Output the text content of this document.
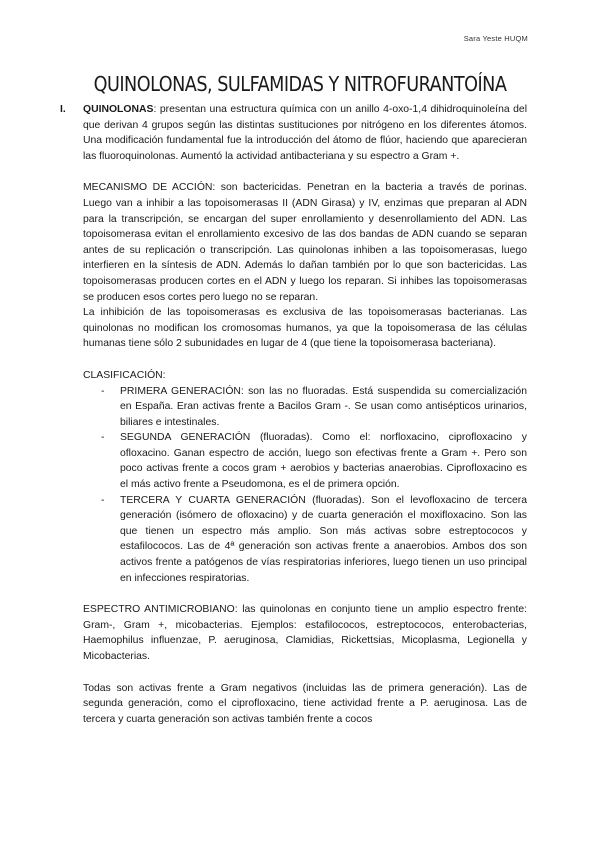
Sara Yeste HUQM
QUINOLONAS, SULFAMIDAS Y NITROFURANTOÍNA
I. QUINOLONAS: presentan una estructura química con un anillo 4-oxo-1,4 dihidroquinoleína del que derivan 4 grupos según las distintas sustituciones por nitrógeno en los diferentes átomos. Una modificación fundamental fue la introducción del átomo de flúor, haciendo que aparecieran las fluoroquinolonas. Aumentó la actividad antibacteriana y su espectro a Gram +.

MECANISMO DE ACCIÓN: son bactericidas. Penetran en la bacteria a través de porinas. Luego van a inhibir a las topoisomerasas II (ADN Girasa) y IV, enzimas que preparan al ADN para la transcripción, se encargan del super enrollamiento y desenrollamiento del ADN. Las topoisomerasa evitan el enrollamiento excesivo de las dos bandas de ADN cuando se separan antes de su replicación o transcripción. Las quinolonas inhiben a las topoisomerasas, luego interfieren en la síntesis de ADN. Además lo dañan también por lo que son bactericidas. Las topoisomerasas producen cortes en el ADN y luego los reparan. Si inhibes las topoisomerasas se producen esos cortes pero luego no se reparan.

La inhibición de las topoisomerasas es exclusiva de las topoisomerasas bacterianas. Las quinolonas no modifican los cromosomas humanos, ya que la topoisomerasa de las células humanas tiene sólo 2 subunidades en lugar de 4 (que tiene la topoisomerasa bacteriana).

CLASIFICACIÓN:

- PRIMERA GENERACIÓN: son las no fluoradas. Está suspendida su comercialización en España. Eran activas frente a Bacilos Gram -. Se usan como antisépticos urinarios, biliares e intestinales.
- SEGUNDA GENERACIÓN (fluoradas). Como el: norfloxacino, ciprofloxacino y ofloxacino. Ganan espectro de acción, luego son efectivas frente a Gram +. Pero son poco activas frente a cocos gram + aerobios y bacterias anaerobias. Ciprofloxacino es el más activo frente a Pseudomona, es el de primera opción.
- TERCERA Y CUARTA GENERACIÓN (fluoradas). Son el levofloxacino de tercera generación (isómero de ofloxacino) y de cuarta generación el moxifloxacino. Son las que tienen un espectro más amplio. Son más activas sobre estreptococos y estafilococos. Las de 4ª generación son activas frente a anaerobios. Ambos dos son activos frente a patógenos de vías respiratorias inferiores, luego tienen un uso principal en infecciones respiratorias.

ESPECTRO ANTIMICROBIANO: las quinolonas en conjunto tiene un amplio espectro frente: Gram-, Gram +, micobacterias. Ejemplos: estafilococos, estreptococos, enterobacterias, Haemophilus influenzae, P. aeruginosa, Clamidias, Rickettsias, Micoplasma, Legionella y Micobacterias.

Todas son activas frente a Gram negativos (incluidas las de primera generación). Las de segunda generación, como el ciprofloxacino, tiene actividad frente a P. aeruginosa. Las de tercera y cuarta generación son activas también frente a cocos
